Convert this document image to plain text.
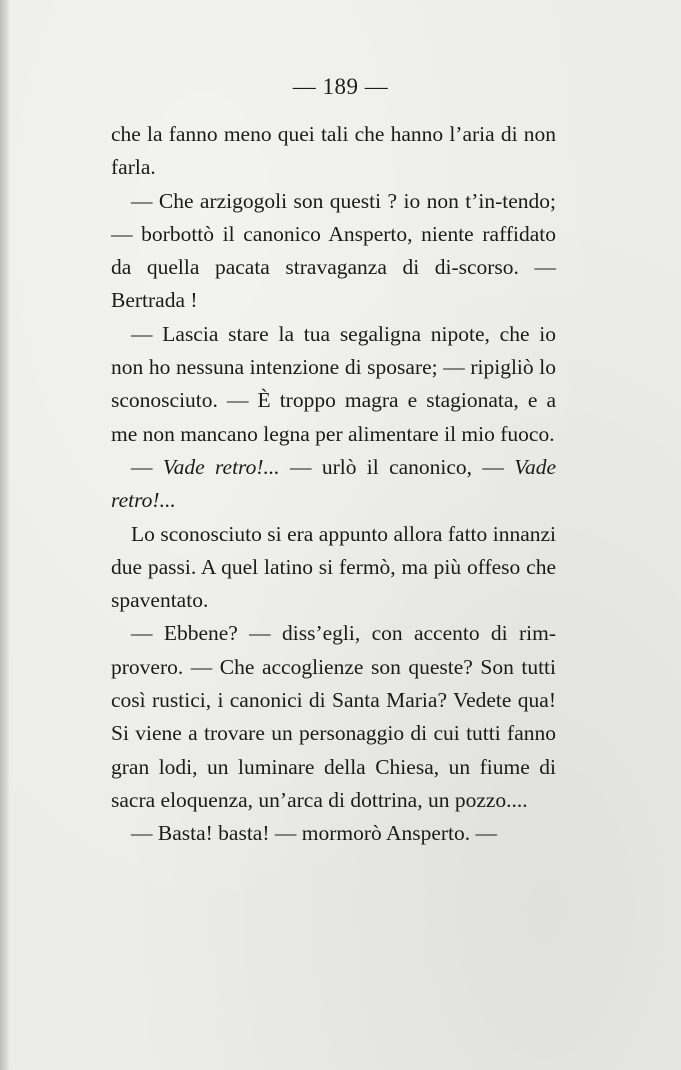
— 189 —

che la fanno meno quei tali che hanno l’aria di non farla.

— Che arzigogoli son questi ? io non t’in-tendo; — borbottò il canonico Ansperto, niente raffidato da quella pacata stravaganza di di-scorso. — Bertrada !

— Lascia stare la tua segaligna nipote, che io non ho nessuna intenzione di sposare; — ripigliò lo sconosciuto. — È troppo magra e stagionata, e a me non mancano legna per alimentare il mio fuoco.

— Vade retro!... — urlò il canonico, — Vade retro!...

Lo sconosciuto si era appunto allora fatto innanzi due passi. A quel latino si fermò, ma più offeso che spaventato.

— Ebbene? — diss’egli, con accento di rim-provero. — Che accoglienze son queste? Son tutti così rustici, i canonici di Santa Maria? Vedete qua! Si viene a trovare un personaggio di cui tutti fanno gran lodi, un luminare della Chiesa, un fiume di sacra eloquenza, un’arca di dottrina, un pozzo....

— Basta! basta! — mormorò Ansperto. —
